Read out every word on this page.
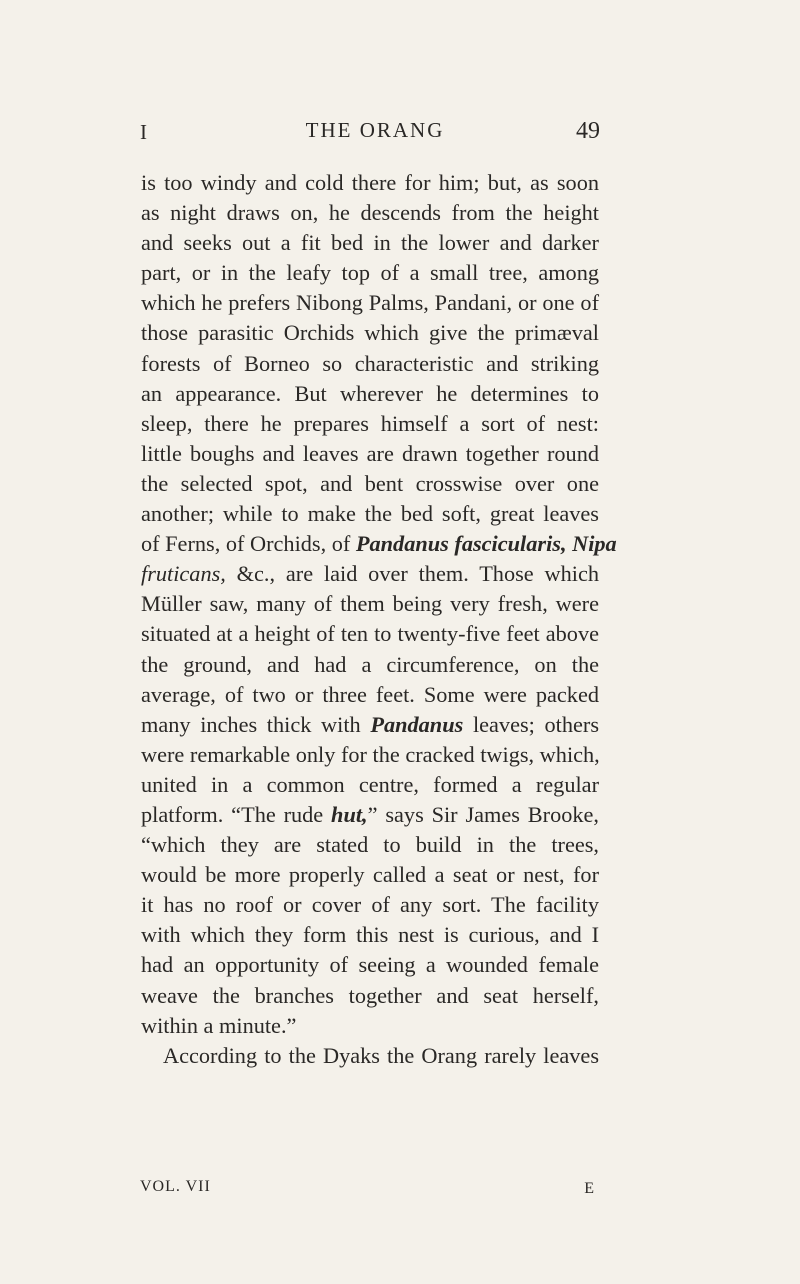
I	THE ORANG	49
is too windy and cold there for him; but, as soon
as night draws on, he descends from the height
and seeks out a fit bed in the lower and darker
part, or in the leafy top of a small tree, among
which he prefers Nibong Palms, Pandani, or one of
those parasitic Orchids which give the primæval
forests of Borneo so characteristic and striking
an appearance. But wherever he determines to
sleep, there he prepares himself a sort of nest:
little boughs and leaves are drawn together round
the selected spot, and bent crosswise over one
another; while to make the bed soft, great leaves
of Ferns, of Orchids, of Pandanus fascicularis, Nipa
fruticans, &c., are laid over them. Those which
Müller saw, many of them being very fresh, were
situated at a height of ten to twenty-five feet above
the ground, and had a circumference, on the
average, of two or three feet. Some were packed
many inches thick with Pandanus leaves; others
were remarkable only for the cracked twigs, which,
united in a common centre, formed a regular
platform. “The rude hut,” says Sir James Brooke,
“which they are stated to build in the trees,
would be more properly called a seat or nest, for
it has no roof or cover of any sort. The facility
with which they form this nest is curious, and I
had an opportunity of seeing a wounded female
weave the branches together and seat herself,
within a minute.”
According to the Dyaks the Orang rarely leaves
VOL. VII	E
